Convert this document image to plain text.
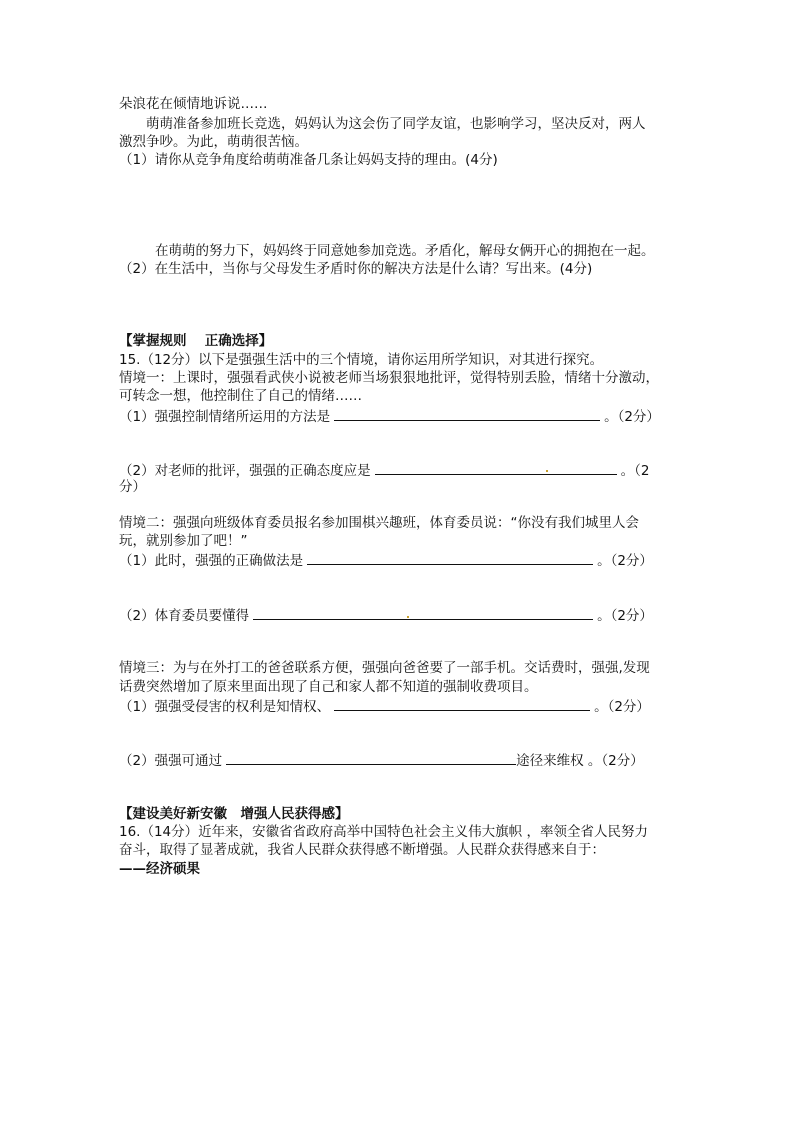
朵浪花在倾情地诉说……
萌萌准备参加班长竞选，妈妈认为这会伤了同学友谊，也影响学习，坚决反对，两人
激烈争吵。为此，萌萌很苦恼。
（1）请你从竞争角度给萌萌准备几条让妈妈支持的理由。(4分)
在萌萌的努力下，妈妈终于同意她参加竞选。矛盾化，解母女俩开心的拥抱在一起。
（2）在生活中，当你与父母发生矛盾时你的解决方法是什么请？写出来。(4分)
【掌握规则　 正确选择】
15.（12分）以下是强强生活中的三个情境，请你运用所学知识，对其进行探究。
情境一：上课时，强强看武侠小说被老师当场狠狠地批评，觉得特别丢脸，情绪十分激动，
可转念一想，他控制住了自己的情绪……
（1）强强控制情绪所运用的方法是	。（2分）
（2）对老师的批评，强强的正确态度应是	。（2
分）
情境二：强强向班级体育委员报名参加围棋兴趣班，体育委员说：“你没有我们城里人会
玩，就别参加了吧！”
（1）此时，强强的正确做法是	。（2分）
（2）体育委员要懂得	。（2分）
情境三：为与在外打工的爸爸联系方便，强强向爸爸要了一部手机。交话费时，强强,发现
话费突然增加了原来里面出现了自己和家人都不知道的强制收费项目。
（1）强强受侵害的权利是知情权、	。（2分）
（2）强强可通过	途径来维权 。（2分）
【建设美好新安徽　增强人民获得感】
16.（14分）近年来，安徽省省政府高举中国特色社会主义伟大旗帜 ，率领全省人民努力
奋斗，取得了显著成就，我省人民群众获得感不断增强。人民群众获得感来自于：
——经济硕果
